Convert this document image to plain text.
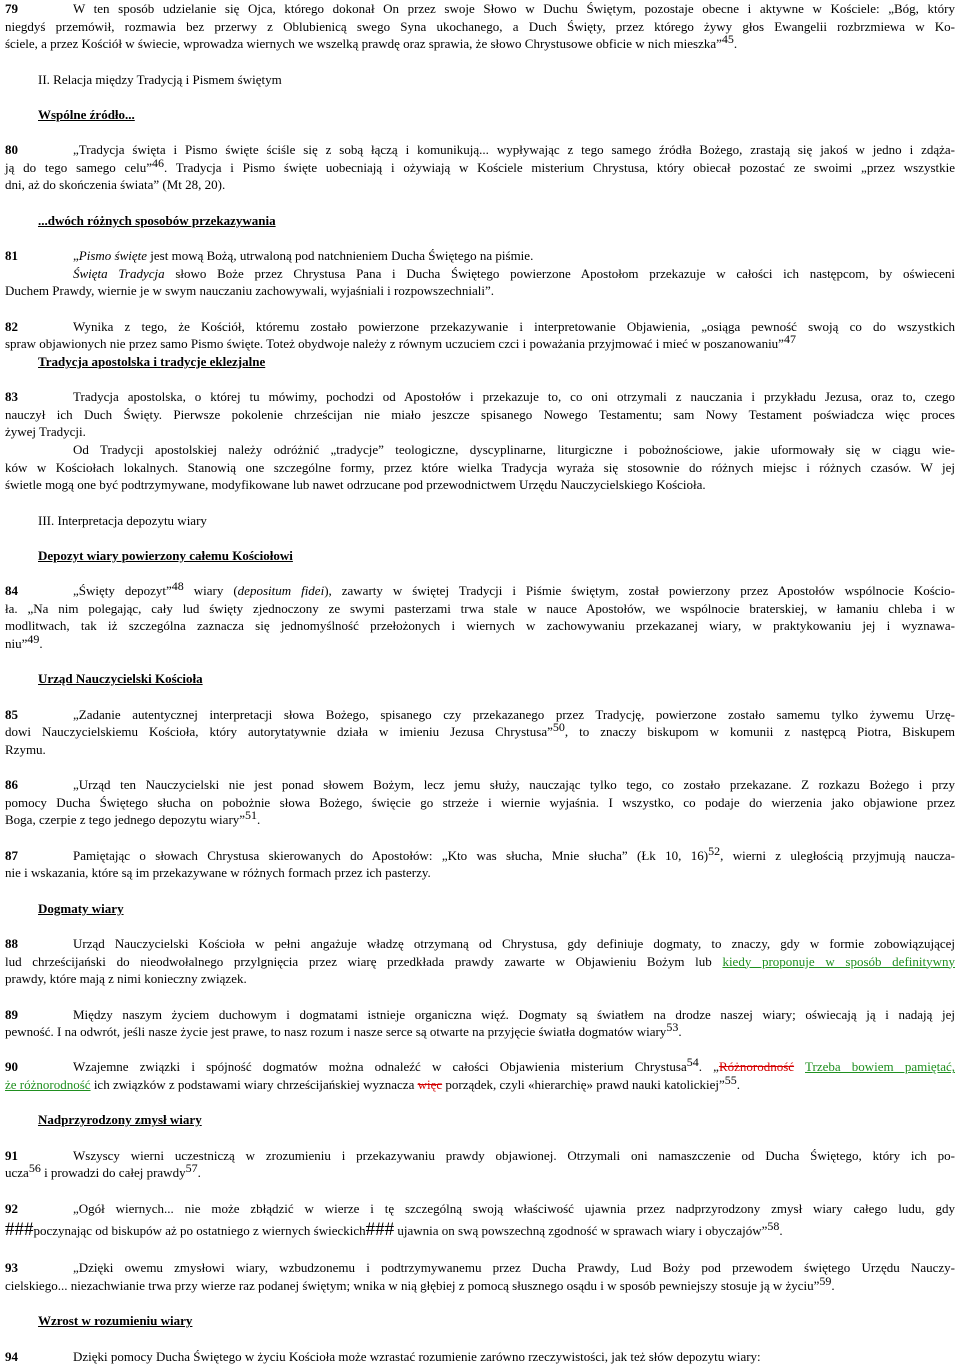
79	W ten sposób udzielanie się Ojca, którego dokonał On przez swoje Słowo w Duchu Świętym, pozostaje obecne i aktywne w Kościele: „Bóg, który
niegdyś przemówił, rozmawia bez przerwy z Oblubienicą swego Syna ukochanego, a Duch Święty, przez którego żywy głos Ewangelii rozbrzmiewa w Ko-
ściele, a przez Kościół w świecie, wprowadza wiernych we wszelką prawdę oraz sprawia, że słowo Chrystusowe obficie w nich mieszka”45.
II. Relacja między Tradycją i Pismem świętym
Wspólne źródło...
80	„Tradycja święta i Pismo święte ściśle się z sobą łączą i komunikują... wypływając z tego samego źródła Bożego, zrastają się jakoś w jedno i zdąża-
ją do tego samego celu”46. Tradycja i Pismo święte uobecniają i ożywiają w Kościele misterium Chrystusa, który obiecał pozostać ze swoimi „przez wszystkie
dni, aż do skończenia świata” (Mt 28, 20).
...dwóch różnych sposobów przekazywania
81	„Pismo święte jest mową Bożą, utrwaloną pod natchnieniem Ducha Świętego na piśmie.
Święta Tradycja słowo Boże przez Chrystusa Pana i Ducha Świętego powierzone Apostołom przekazuje w całości ich następcom, by oświeceni
Duchem Prawdy, wiernie je w swym nauczaniu zachowywali, wyjaśniali i rozpowszechniali”.
82	Wynika z tego, że Kościół, któremu zostało powierzone przekazywanie i interpretowanie Objawienia, „osiąga pewność swoją co do wszystkich
spraw objawionych nie przez samo Pismo święte. Toteż obydwoje należy z równym uczuciem czci i poważania przyjmować i mieć w poszanowaniu”47
Tradycja apostolska i tradycje eklezjalne
83	Tradycja apostolska, o której tu mówimy, pochodzi od Apostołów i przekazuje to, co oni otrzymali z nauczania i przykładu Jezusa, oraz to, czego
nauczył ich Duch Święty. Pierwsze pokolenie chrześcijan nie miało jeszcze spisanego Nowego Testamentu; sam Nowy Testament poświadcza więc proces
żywej Tradycji.
Od Tradycji apostolskiej należy odróżnić „tradycje” teologiczne, dyscyplinarne, liturgiczne i pobożnościowe, jakie uformowały się w ciągu wie-
ków w Kościołach lokalnych. Stanowią one szczególne formy, przez które wielka Tradycja wyraża się stosownie do różnych miejsc i różnych czasów. W jej
świetle mogą one być podtrzymywane, modyfikowane lub nawet odrzucane pod przewodnictwem Urzędu Nauczycielskiego Kościoła.
III. Interpretacja depozytu wiary
Depozyt wiary powierzony całemu Kościołowi
84	„Święty depozyt”48 wiary (depositum fidei), zawarty w świętej Tradycji i Piśmie świętym, został powierzony przez Apostołów wspólnocie Kościo-
ła. „Na nim polegając, cały lud święty zjednoczony ze swymi pasterzami trwa stale w nauce Apostołów, we wspólnocie braterskiej, w łamaniu chleba i w
modlitwach, tak iż szczególna zaznacza się jednomyślność przełożonych i wiernych w zachowywaniu przekazanej wiary, w praktykowaniu jej i wyznawa-
niu”49.
Urząd Nauczycielski Kościoła
85	„Zadanie autentycznej interpretacji słowa Bożego, spisanego czy przekazanego przez Tradycję, powierzone zostało samemu tylko żywemu Urzę-
dowi Nauczycielskiemu Kościoła, który autorytatywnie działa w imieniu Jezusa Chrystusa”50, to znaczy biskupom w komunii z następcą Piotra, Biskupem
Rzymu.
86	„Urząd ten Nauczycielski nie jest ponad słowem Bożym, lecz jemu służy, nauczając tylko tego, co zostało przekazane. Z rozkazu Bożego i przy
pomocy Ducha Świętego słucha on pobożnie słowa Bożego, święcie go strzeże i wiernie wyjaśnia. I wszystko, co podaje do wierzenia jako objawione przez
Boga, czerpie z tego jednego depozytu wiary”51.
87	Pamiętając o słowach Chrystusa skierowanych do Apostołów: „Kto was słucha, Mnie słucha” (Łk 10, 16)52, wierni z uległością przyjmują naucza-
nie i wskazania, które są im przekazywane w różnych formach przez ich pasterzy.
Dogmaty wiary
88	Urząd Nauczycielski Kościoła w pełni angażuje władzę otrzymaną od Chrystusa, gdy definiuje dogmaty, to znaczy, gdy w formie zobowiązującej
lud chrześcijański do nieodwołalnego przylgnięcia przez wiarę przedkłada prawdy zawarte w Objawieniu Bożym lub kiedy proponuje w sposób definitywny
prawdy, które mają z nimi konieczny związek.
89	Między naszym życiem duchowym i dogmatami istnieje organiczna więź. Dogmaty są światłem na drodze naszej wiary; oświecają ją i nadają jej
pewność. I na odwrót, jeśli nasze życie jest prawe, to nasz rozum i nasze serce są otwarte na przyjęcie światła dogmatów wiary53.
90	Wzajemne związki i spójność dogmatów można odnaleźć w całości Objawienia misterium Chrystusa54. „Różnorodność Trzeba bowiem pamiętać,
że różnorodność ich związków z podstawami wiary chrześcijańskiej wyznacza więc porządek, czyli «hierarchię» prawd nauki katolickiej”55.
Nadprzyrodzony zmysł wiary
91	Wszyscy wierni uczestniczą w zrozumieniu i przekazywaniu prawdy objawionej. Otrzymali oni namaszczenie od Ducha Świętego, który ich po-
ucza56 i prowadzi do całej prawdy57.
92	„Ogół wiernych... nie może zbłądzić w wierze i tę szczególną swoją właściwość ujawnia przez nadprzyrodzony zmysł wiary całego ludu, gdy
###poczynając od biskupów aż po ostatniego z wiernych świeckich### ujawnia on swą powszechną zgodność w sprawach wiary i obyczajów”58.
93	„Dzięki owemu zmysłowi wiary, wzbudzonemu i podtrzymywanemu przez Ducha Prawdy, Lud Boży pod przewodem świętego Urzędu Nauczy-
cielskiego... niezachwianie trwa przy wierze raz podanej świętym; wnika w nią głębiej z pomocą słusznego osądu i w sposób pewniejszy stosuje ją w życiu”59.
Wzrost w rozumieniu wiary
94	Dzięki pomocy Ducha Świętego w życiu Kościoła może wzrastać rozumienie zarówno rzeczywistości, jak też słów depozytu wiary:
